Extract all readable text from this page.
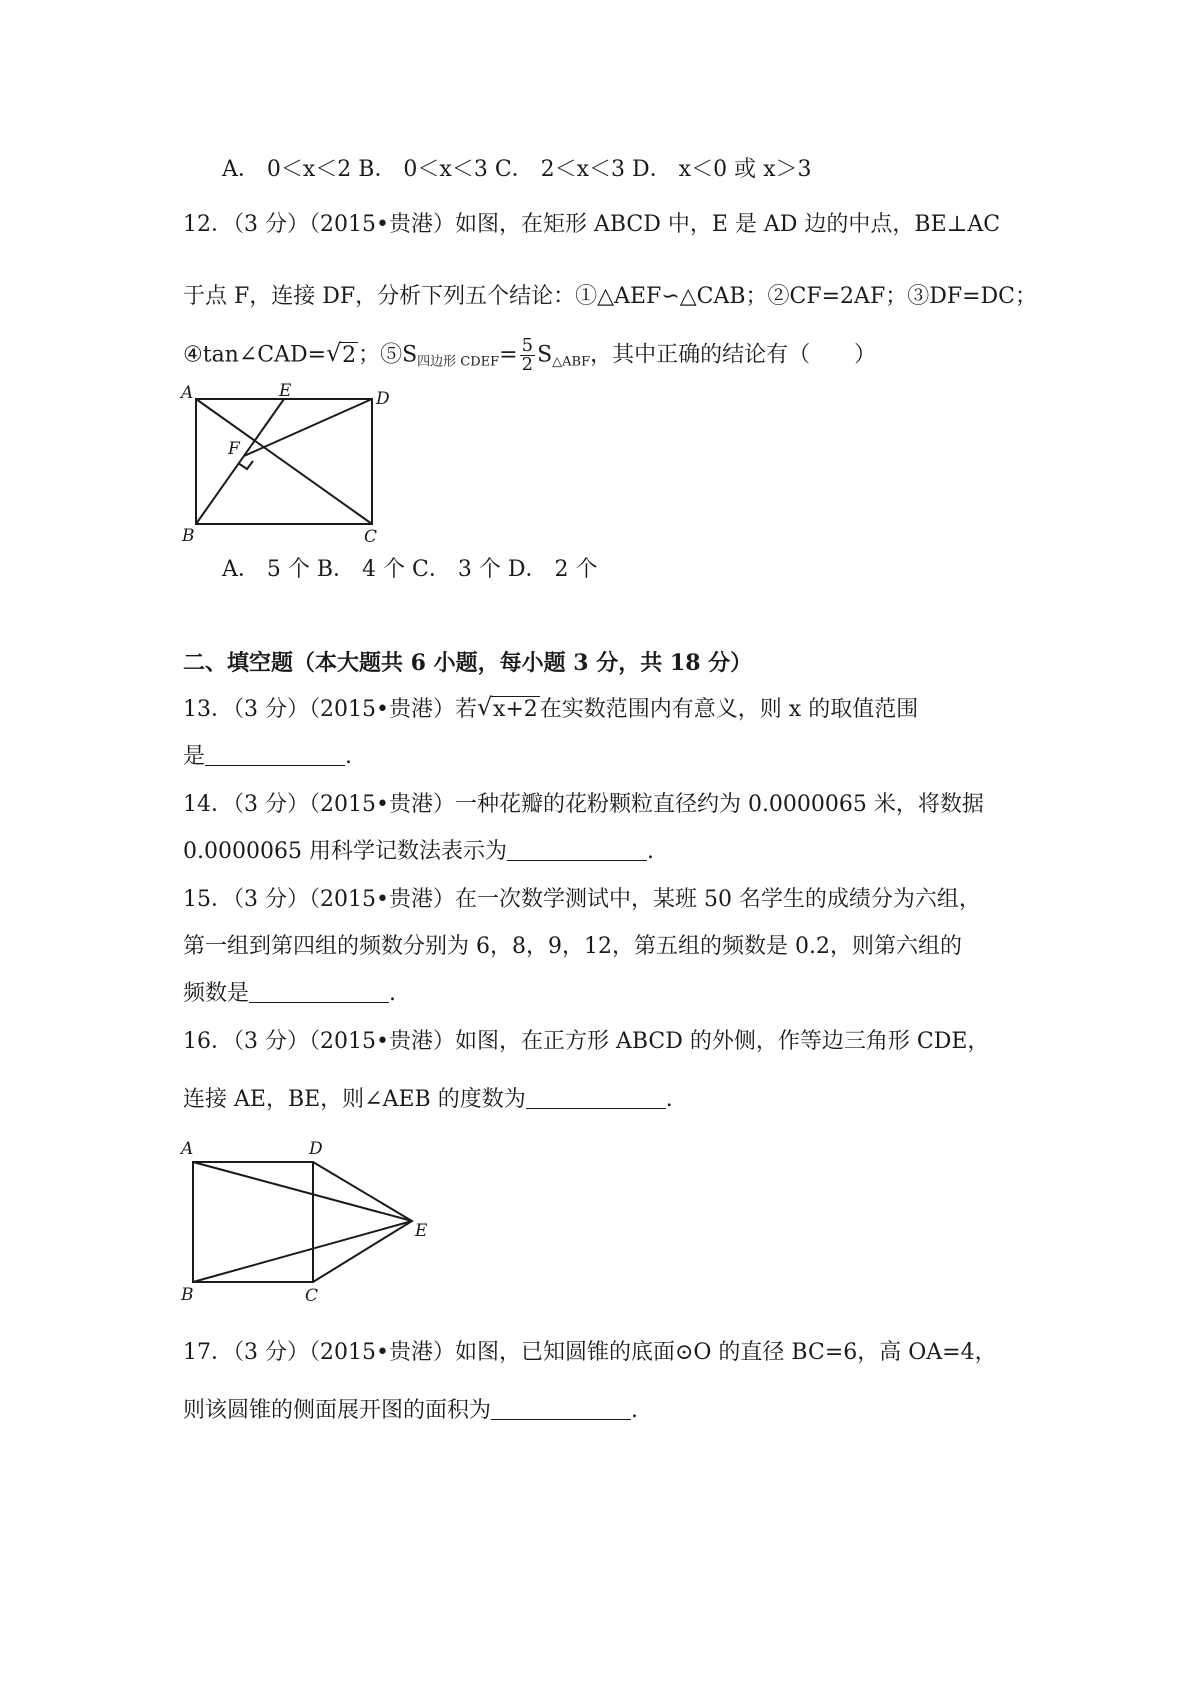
A． 0＜x＜2 B． 0＜x＜3 C． 2＜x＜3 D． x＜0 或 x＞3
12．（3 分）（2015•贵港）如图，在矩形 ABCD 中，E 是 AD 边的中点，BE⊥AC
于点 F，连接 DF，分析下列五个结论：①△AEF∽△CAB；②CF=2AF；③DF=DC；
④tan∠CAD= √ 2；$⑤S_{四边形 CDEF}= \frac{5}{2} S_{\triangle ABF}$，其中正确的结论有（　　）
A	E	D
F
B	C
A． 5 个 B． 4 个 C． 3 个 D． 2 个
二、填空题（本大题共 6 小题，每小题 3 分，共 18 分）
13．（3 分）（2015•贵港）若 √ x+2在实数范围内有意义，则 x 的取值范围
是	.
14．（3 分）（2015•贵港）一种花瓣的花粉颗粒直径约为 0.0000065 米，将数据
0.0000065 用科学记数法表示为	.
15．（3 分）（2015•贵港）在一次数学测试中，某班 50 名学生的成绩分为六组，
第一组到第四组的频数分别为 6，8，9，12，第五组的频数是 0.2，则第六组的
频数是	.
16．（3 分）（2015•贵港）如图，在正方形 ABCD 的外侧，作等边三角形 CDE，
连接 AE，BE，则∠AEB 的度数为	.
A	D
E
B	C
17．（3 分）（2015•贵港）如图，已知圆锥的底面⊙O 的直径 BC=6，高 OA=4，
则该圆锥的侧面展开图的面积为	.
